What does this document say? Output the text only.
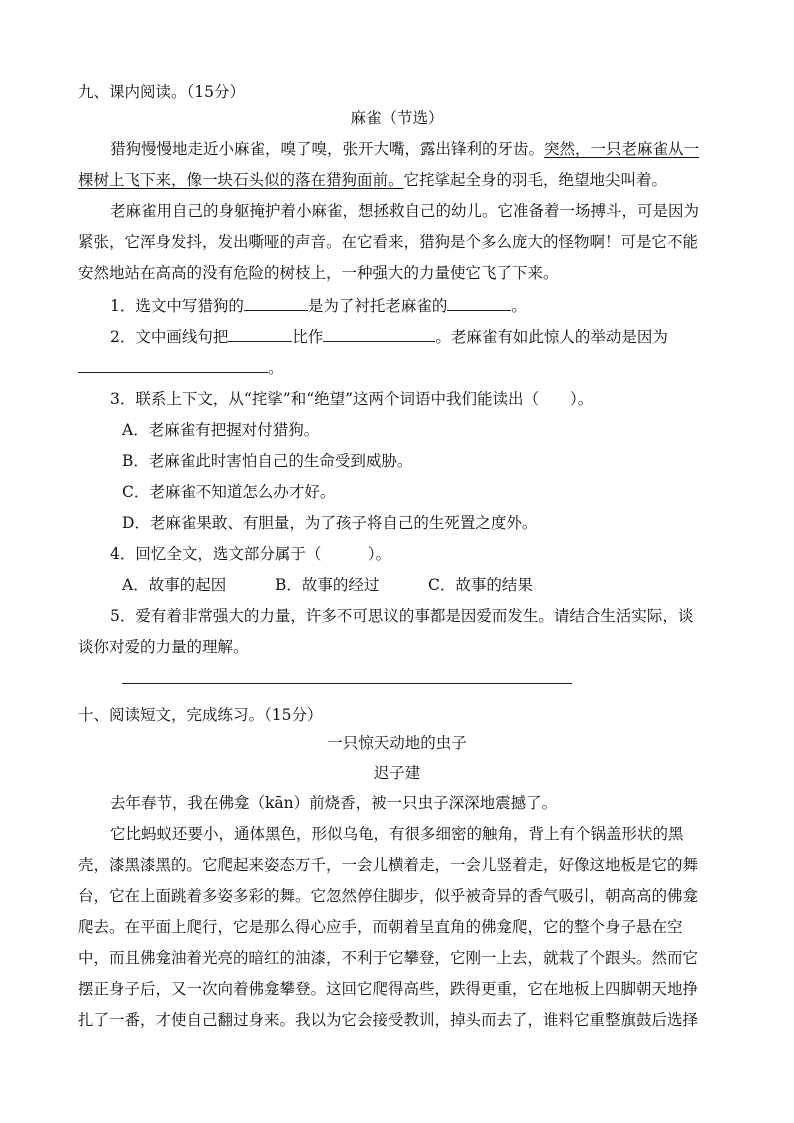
九、课内阅读。（15分）
麻雀（节选）
猎狗慢慢地走近小麻雀，嗅了嗅，张开大嘴，露出锋利的牙齿。突然，一只老麻雀从一
棵树上飞下来，像一块石头似的落在猎狗面前。它挓挲起全身的羽毛，绝望地尖叫着。
老麻雀用自己的身躯掩护着小麻雀，想拯救自己的幼儿。它准备着一场搏斗，可是因为
紧张，它浑身发抖，发出嘶哑的声音。在它看来，猎狗是个多么庞大的怪物啊！可是它不能
安然地站在高高的没有危险的树枝上，一种强大的力量使它飞了下来。
1．选文中写猎狗的	是为了衬托老麻雀的	。
2．文中画线句把	比作	。老麻雀有如此惊人的举动是因为
。
3．联系上下文，从“挓挲”和“绝望”这两个词语中我们能读出（　　）。
A．老麻雀有把握对付猎狗。
B．老麻雀此时害怕自己的生命受到威胁。
C．老麻雀不知道怎么办才好。
D．老麻雀果敢、有胆量，为了孩子将自己的生死置之度外。
4．回忆全文，选文部分属于（　　　）。
A．故事的起因	B．故事的经过	C．故事的结果
5．爱有着非常强大的力量，许多不可思议的事都是因爱而发生。请结合生活实际，谈
谈你对爱的力量的理解。
十、阅读短文，完成练习。（15分）
一只惊天动地的虫子
迟子建
去年春节，我在佛龛（kān）前烧香，被一只虫子深深地震撼了。
它比蚂蚁还要小，通体黑色，形似乌龟，有很多细密的触角，背上有个锅盖形状的黑
壳，漆黑漆黑的。它爬起来姿态万千，一会儿横着走，一会儿竖着走，好像这地板是它的舞
台，它在上面跳着多姿多彩的舞。它忽然停住脚步，似乎被奇异的香气吸引，朝高高的佛龛
爬去。在平面上爬行，它是那么得心应手，而朝着呈直角的佛龛爬，它的整个身子悬在空
中，而且佛龛油着光亮的暗红的油漆，不利于它攀登，它刚一上去，就栽了个跟头。然而它
摆正身子后，又一次向着佛龛攀登。这回它爬得高些，跌得更重，它在地板上四脚朝天地挣
扎了一番，才使自己翻过身来。我以为它会接受教训，掉头而去了，谁料它重整旗鼓后选择
